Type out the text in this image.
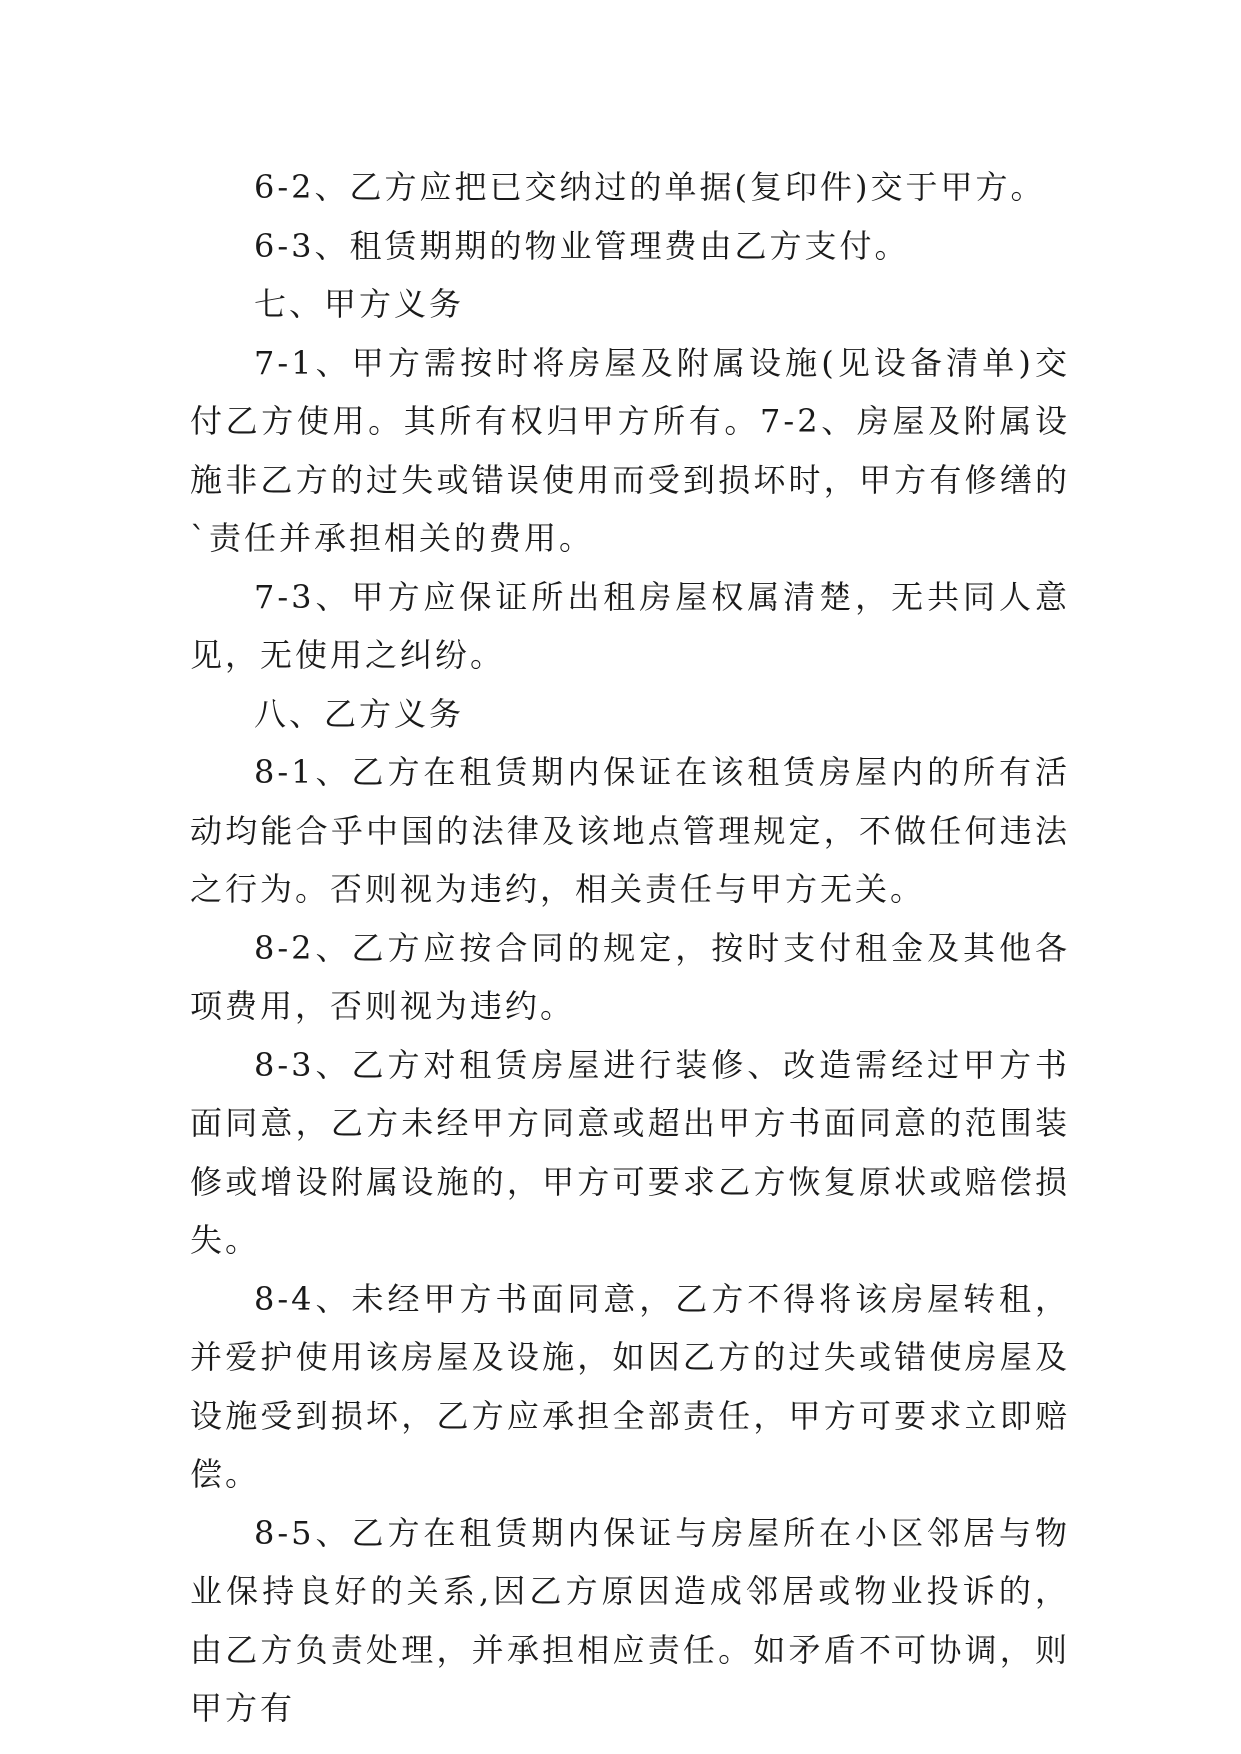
6-2、乙方应把已交纳过的单据(复印件)交于甲方。

6-3、租赁期期的物业管理费由乙方支付。

七、甲方义务

7-1、甲方需按时将房屋及附属设施(见设备清单)交付乙方使用。其所有权归甲方所有。7-2、房屋及附属设施非乙方的过失或错误使用而受到损坏时，甲方有修缮的`责任并承担相关的费用。

7-3、甲方应保证所出租房屋权属清楚，无共同人意见，无使用之纠纷。

八、乙方义务

8-1、乙方在租赁期内保证在该租赁房屋内的所有活动均能合乎中国的法律及该地点管理规定，不做任何违法之行为。否则视为违约，相关责任与甲方无关。

8-2、乙方应按合同的规定，按时支付租金及其他各项费用，否则视为违约。

8-3、乙方对租赁房屋进行装修、改造需经过甲方书面同意，乙方未经甲方同意或超出甲方书面同意的范围装修或增设附属设施的，甲方可要求乙方恢复原状或赔偿损失。

8-4、未经甲方书面同意，乙方不得将该房屋转租，并爱护使用该房屋及设施，如因乙方的过失或错使房屋及设施受到损坏，乙方应承担全部责任，甲方可要求立即赔偿。

8-5、乙方在租赁期内保证与房屋所在小区邻居与物业保持良好的关系,因乙方原因造成邻居或物业投诉的，由乙方负责处理，并承担相应责任。如矛盾不可协调，则甲方有
